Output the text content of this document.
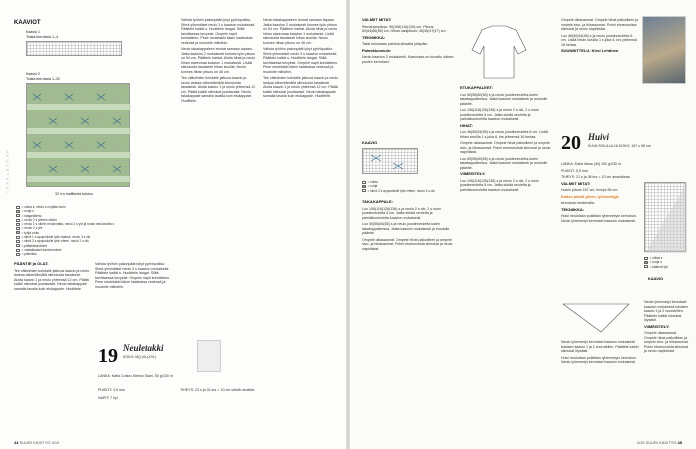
NEULETAKKI
KAAVIOT
Kaavio 1
Toista kerroksia 1–4
Kaavio 2
Toista kerroksia 1–32
32 s:n mallikerta toistuu
= oikea s, neulo s nurjalta nurin
= nurja s
= langankierto
= neulo 2 s yhteen oikein
= neulo 1 s oikein neulomatta, neulo 2 s yht ja nosta neulomatta s
= neulo 2 s yht
= tyhjä ruutu
= siirrä 1 s apupuikolle työn taakse, neulo 3 s oik
= siirrä 3 s apupuikolle työn eteen, neulo 1 s oik
= pääteäännökset
= vastakkaiset kaventumiset
= palmikko

PÄÄNTIE ja OLAT:

Tee välisilmien kohdalle jatkuva kaavio ja neulo lankaa vähentämällä silmukoita tasaisesti. Aloita kaavio 1 ja neulo yhteensä 12 cm. Päätä kaikki silmukat joustavasti. Neulo takakappale samalla tavalla kuin etukappale. Huolittele.

Vaihda työhön pakonpäät lyhyt pyöröpuikko. Siirrä ylimmäiset neulo 3 s kaavion mukaisesti. Päättele kaikki s. Huolittele langat. Silitä tarvittaessa kevyesti. Ompele napit kohdalleen. Pese neuletakki käsin haaleassa vedessä ja muotoile mittoihin.

Vaihda työhön pakonpäät lyhyt pyöröpuikko. Siirrä ylimmäiset neulo 3 s kaavion mukaisesti. Päättele kaikki s. Huolittele langat. Silitä tarvittaessa kevyesti. Ompele napit kohdalleen. Pese neuletakki käsin haaleassa vedessä ja muotoile mittoihin.

Neulo takakappaleen reunat samaan tapaan. Jatka kaavion 2 mukaisesti kunnes työn pituus on 54 cm. Päättele hartiat. Aloita hihat ja neulo hihan alareunaa kaavion 1 mukaisesti. Lisää silmukoita tasaisesti hihan sivuilla. Neulo kunnes hihan pituus on 46 cm.

Tee välisilmien kohdalle jatkuva kaavio ja neulo lankaa vähentämällä silmukoita tasaisesti. Aloita kaavio 1 ja neulo yhteensä 12 cm. Päätä kaikki silmukat joustavasti. Neulo takakappale samalla tavalla kuin etukappale. Huolittele.

Neulo takakappaleen reunat samaan tapaan. Jatka kaavion 2 mukaisesti kunnes työn pituus on 54 cm. Päättele hartiat. Aloita hihat ja neulo hihan alareunaa kaavion 1 mukaisesti. Lisää silmukoita tasaisesti hihan sivuilla. Neulo kunnes hihan pituus on 46 cm.

Vaihda työhön pakonpäät lyhyt pyöröpuikko. Siirrä ylimmäiset neulo 3 s kaavion mukaisesti. Päättele kaikki s. Huolittele langat. Silitä tarvittaessa kevyesti. Ompele napit kohdalleen. Pese neuletakki käsin haaleassa vedessä ja muotoile mittoihin.

Tee välisilmien kohdalle jatkuva kaavio ja neulo lankaa vähentämällä silmukoita tasaisesti. Aloita kaavio 1 ja neulo yhteensä 12 cm. Päätä kaikki silmukat joustavasti. Neulo takakappale samalla tavalla kuin etukappale. Huolittele.

19 Neuletakki
KOKO: M(L)XL(XXL)
LANKA: Katia Cotton-Merino Slam, 50 g/100 m
PUIKOT: 3,5 mm
NAPIT: 7 kpl
TIHEYS: 23 s ja 31 krs = 10 cm sileää neuletta
44 SUURI KÄSITYÖ 4/19

VALMIIT MITAT:

Rinnanympärys: 96(106)116(126) cm. Pituus: 62(64)66(68) cm. Hihan sisäpituus: 46(46)47(47) cm.

TEKNIIKKA:

Takki neulotaan paloina alhaalta ylöspäin.

Palmikkoneule:

Neulo kaavion 2 mukaisesti. Kaaviossa on kuvattu oikean puolen kerrokset.

KAAVIO
= oikea
= nurja
= siirrä 3 s apupuikolle työn eteen, neulo 3 s oik

TAKAKAPPALE:

Luo 106(116)126(136) s ja neulo 2 s oik, 2 s nurin joustinneuletta 5 cm. Jatka sileää neuletta ja palmikkoneuletta kaavion mukaisesti.

Luo 50(55)60(65) s ja neulo joustinneuletta kuten takakappaleessa. Jatka kaavion mukaisesti ja muotoile pääntie.

Ompele olkasaumat. Ompele hihat paikoilleen ja ompele sivu- ja hihasaumat. Poimi etureunoista silmukat ja neulo napinlistat.

ETUKAPPALEET:

Luo 50(55)60(65) s ja neulo joustinneuletta kuten takakappaleessa. Jatka kaavion mukaisesti ja muotoile pääntie.

Luo 106(116)126(136) s ja neulo 2 s oik, 2 s nurin joustinneuletta 5 cm. Jatka sileää neuletta ja palmikkoneuletta kaavion mukaisesti.

HIHAT:

Luo 46(50)54(58) s ja neulo joustinneuletta 6 cm. Lisää hihan sivuilla 1 s joka 6. krs yhteensä 16 kertaa.

Ompele olkasaumat. Ompele hihat paikoilleen ja ompele sivu- ja hihasaumat. Poimi etureunoista silmukat ja neulo napinlistat.

Luo 50(55)60(65) s ja neulo joustinneuletta kuten takakappaleessa. Jatka kaavion mukaisesti ja muotoile pääntie.

VIIMEISTELY:

Luo 106(116)126(136) s ja neulo 2 s oik, 2 s nurin joustinneuletta 5 cm. Jatka sileää neuletta ja palmikkoneuletta kaavion mukaisesti.

Ompele olkasaumat. Ompele hihat paikoilleen ja ompele sivu- ja hihasaumat. Poimi etureunoista silmukat ja neulo napinlistat.

Luo 46(50)54(58) s ja neulo joustinneuletta 6 cm. Lisää hihan sivuilla 1 s joka 6. krs yhteensä 16 kertaa.

SUUNNITTELU: Kirsi Lehtinen

20 Huivi
KUVA SIVULLA 18 KOKO: 167 x 56 cm

LANKA: Katia Ideas (44) 100 g/230 m

PUIKOT: 5,5 mm

TIHEYS: 21 s ja 36 krs = 10 cm ainaoikeaa

VALMIIT MITAT:

Huivin pituus 167 cm, leveys 56 cm.

Kaiken pientä ylleen, lyhennettyjä

kerroksia neulomalla.

TEKNIIKKA:

Huivi neulotaan poikittain lyhennetyin kerroksin. Neulo lyhennetyt kerrokset kaavion mukaisesti.

= oikea s
= nurja s
= käännä työ
KAAVIO

Neulo lyhennetyt kerrokset kaavion mukaisesti toistaen kaavio 1 ja 2 vuorotellen. Päättele kaikki silmukat löysästi.

Huivi neulotaan poikittain lyhennetyin kerroksin. Neulo lyhennetyt kerrokset kaavion mukaisesti.

Neulo lyhennetyt kerrokset kaavion mukaisesti toistaen kaavio 1 ja 2 vuorotellen. Päättele kaikki silmukat löysästi.

VIIMEISTELY:

Ompele olkasaumat. Ompele hihat paikoilleen ja ompele sivu- ja hihasaumat. Poimi etureunoista silmukat ja neulo napinlistat.

4/19 SUURI KÄSITYÖ 45
